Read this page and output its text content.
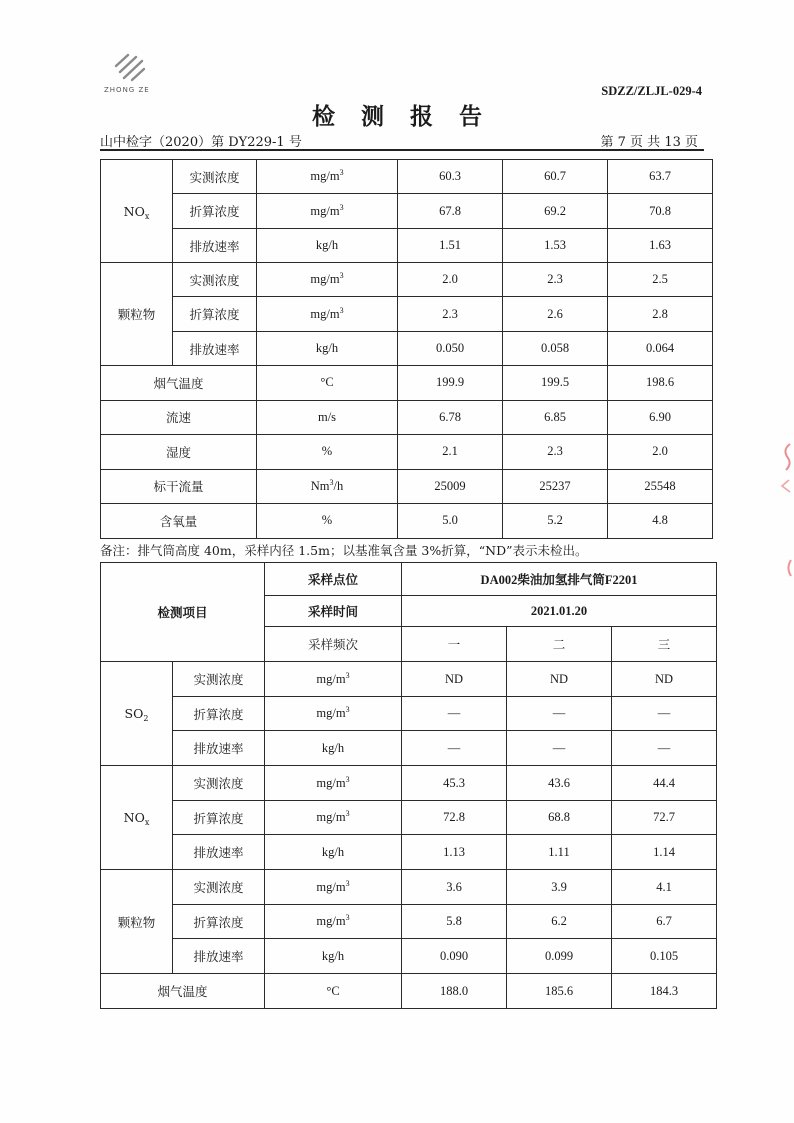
ZHONG ZE	SDZZ/ZLJL-029-4
检测报告
山中检字（2020）第 DY229-1 号	第 7 页 共 13 页
$NO_x$	实测浓度	$mg/m^3$	60.3	60.7	63.7
	折算浓度	$mg/m^3$	67.8	69.2	70.8
	排放速率	kg/h	1.51	1.53	1.63
颗粒物	实测浓度	$mg/m^3$	2.0	2.3	2.5
	折算浓度	$mg/m^3$	2.3	2.6	2.8
	排放速率	kg/h	0.050	0.058	0.064
烟气温度		°C	199.9	199.5	198.6
流速		m/s	6.78	6.85	6.90
湿度		%	2.1	2.3	2.0
标干流量		Nm$^3$/h	25009	25237	25548
含氧量		%	5.0	5.2	4.8
备注：排气筒高度 40m，采样内径 1.5m；以基准氧含量 3%折算，“ND”表示未检出。
检测项目		采样点位	DA002柴油加氢排气筒F2201		
		采样时间	2021.01.20		
		采样频次	一	二	三
$SO_2$	实测浓度	$mg/m^3$	ND	ND	ND
	折算浓度	$mg/m^3$	—	—	—
	排放速率	kg/h	—	—	—
$NO_x$	实测浓度	$mg/m^3$	45.3	43.6	44.4
	折算浓度	$mg/m^3$	72.8	68.8	72.7
	排放速率	kg/h	1.13	1.11	1.14
颗粒物	实测浓度	$mg/m^3$	3.6	3.9	4.1
	折算浓度	$mg/m^3$	5.8	6.2	6.7
	排放速率	kg/h	0.090	0.099	0.105
烟气温度		°C	188.0	185.6	184.3
